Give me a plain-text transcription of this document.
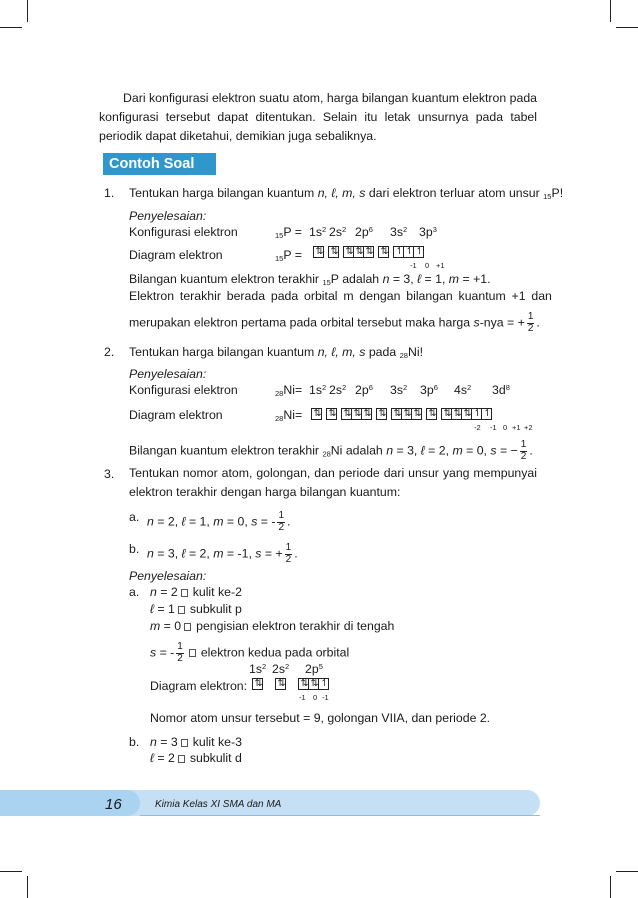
Dari konfigurasi elektron suatu atom, harga bilangan kuantum elektron pada konfigurasi tersebut dapat ditentukan. Selain itu letak unsurnya pada tabel periodik dapat diketahui, demikian juga sebaliknya.
Contoh Soal
1. Tentukan harga bilangan kuantum n, ℓ, m, s dari elektron terluar atom unsur $_{15}$P!
Penyelesaian:
Konfigurasi elektron	$_{15}P = 1s^2$ $2s^2$ $2p^6$ $3s^2$ $3p^3$
Diagram elektron	$_{15}$P = ⇅ ⇅ ⇅ ⇅ ⇅ ⇅ ↿ ↿ ↿
-1 0 +1
Bilangan kuantum elektron terakhir $_{15}$P adalah n = 3, ℓ = 1, m = +1.
Elektron terakhir berada pada orbital m dengan bilangan kuantum +1 dan
merupakan elektron pertama pada orbital tersebut maka harga s-nya = + $\frac{1}{2}$ .
2. Tentukan harga bilangan kuantum n, ℓ, m, s pada $_{28}$Ni!
Penyelesaian:
Konfigurasi elektron	$_{28}Ni= 1s^2$ $2s^2$ $2p^6$ $3s^2$ $3p^6$ $4s^2$ $3d^8$
Diagram elektron	$_{28}$Ni= ⇅ ⇅ ⇅ ⇅ ⇅ ⇅ ⇅ ⇅ ⇅ ⇅ ⇅ ⇅ ⇅ ↿ ↿
-2 -1 0 +1 +2
Bilangan kuantum elektron terakhir $_{28}$Ni adalah n = 3, ℓ = 2, m = 0, s = − $\frac{1}{2}$ .
3. Tentukan nomor atom, golongan, dan periode dari unsur yang mempunyai elektron terakhir dengan harga bilangan kuantum:
a. n = 2, ℓ = 1, m = 0, s = - $\frac{1}{2}$ .
b. n = 3, ℓ = 2, m = -1, s = + $\frac{1}{2}$ .
Penyelesaian:
a. n = 2 kulit ke-2
ℓ = 1 subkulit p
m = 0 pengisian elektron terakhir di tengah
s = - $\frac{1}{2}$ elektron kedua pada orbital
$1s^2$ $2s^2$ $2p^5$
Diagram elektron: ⇅ ⇅ ⇅ ⇅ ↿
-1 0 -1
Nomor atom unsur tersebut = 9, golongan VIIA, dan periode 2.
b. n = 3 kulit ke-3
ℓ = 2 subkulit d
16	Kimia Kelas XI SMA dan MA
